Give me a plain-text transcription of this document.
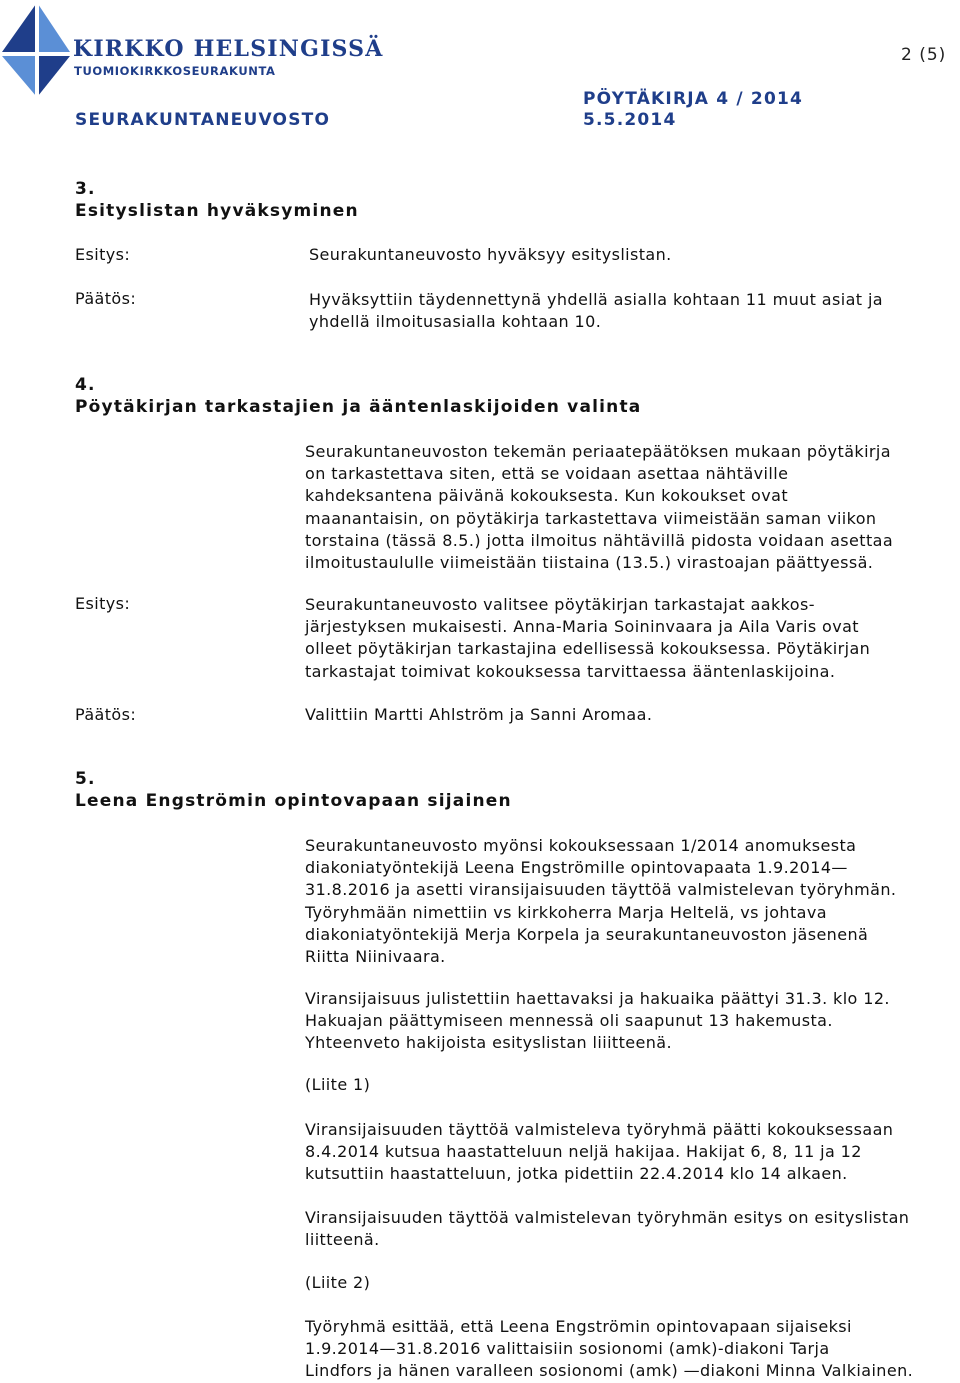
KIRKKO HELSINGISSÄ
TUOMIOKIRKKOSEURAKUNTA
2 (5)
PÖYTÄKIRJA 4 / 2014
SEURAKUNTANEUVOSTO	5.5.2014
3.
Esityslistan hyväksyminen
Esitys:	Seurakuntaneuvosto hyväksyy esityslistan.
Päätös:	Hyväksyttiin täydennettynä yhdellä asialla kohtaan 11 muut asiat ja
yhdellä ilmoitusasialla kohtaan 10.
4.
Pöytäkirjan tarkastajien ja ääntenlaskijoiden valinta
Seurakuntaneuvoston tekemän periaatepäätöksen mukaan pöytäkirja
on tarkastettava siten, että se voidaan asettaa nähtäville
kahdeksantena päivänä kokouksesta. Kun kokoukset ovat
maanantaisin, on pöytäkirja tarkastettava viimeistään saman viikon
torstaina (tässä 8.5.) jotta ilmoitus nähtävillä pidosta voidaan asettaa
ilmoitustaululle viimeistään tiistaina (13.5.) virastoajan päättyessä.
Esitys:	Seurakuntaneuvosto valitsee pöytäkirjan tarkastajat aakkos-
järjestyksen mukaisesti. Anna-Maria Soininvaara ja Aila Varis ovat
olleet pöytäkirjan tarkastajina edellisessä kokouksessa. Pöytäkirjan
tarkastajat toimivat kokouksessa tarvittaessa ääntenlaskijoina.
Päätös:	Valittiin Martti Ahlström ja Sanni Aromaa.
5.
Leena Engströmin opintovapaan sijainen
Seurakuntaneuvosto myönsi kokouksessaan 1/2014 anomuksesta
diakoniatyöntekijä Leena Engströmille opintovapaata 1.9.2014—
31.8.2016 ja asetti viransijaisuuden täyttöä valmistelevan työryhmän.
Työryhmään nimettiin vs kirkkoherra Marja Heltelä, vs johtava
diakoniatyöntekijä Merja Korpela ja seurakuntaneuvoston jäsenenä
Riitta Niinivaara.
Viransijaisuus julistettiin haettavaksi ja hakuaika päättyi 31.3. klo 12.
Hakuajan päättymiseen mennessä oli saapunut 13 hakemusta.
Yhteenveto hakijoista esityslistan liiitteenä.
(Liite 1)
Viransijaisuuden täyttöä valmisteleva työryhmä päätti kokouksessaan
8.4.2014 kutsua haastatteluun neljä hakijaa. Hakijat 6, 8, 11 ja 12
kutsuttiin haastatteluun, jotka pidettiin 22.4.2014 klo 14 alkaen.
Viransijaisuuden täyttöä valmistelevan työryhmän esitys on esityslistan
liitteenä.
(Liite 2)
Työryhmä esittää, että Leena Engströmin opintovapaan sijaiseksi
1.9.2014—31.8.2016 valittaisiin sosionomi (amk)-diakoni Tarja
Lindfors ja hänen varalleen sosionomi (amk) —diakoni Minna Valkiainen.
